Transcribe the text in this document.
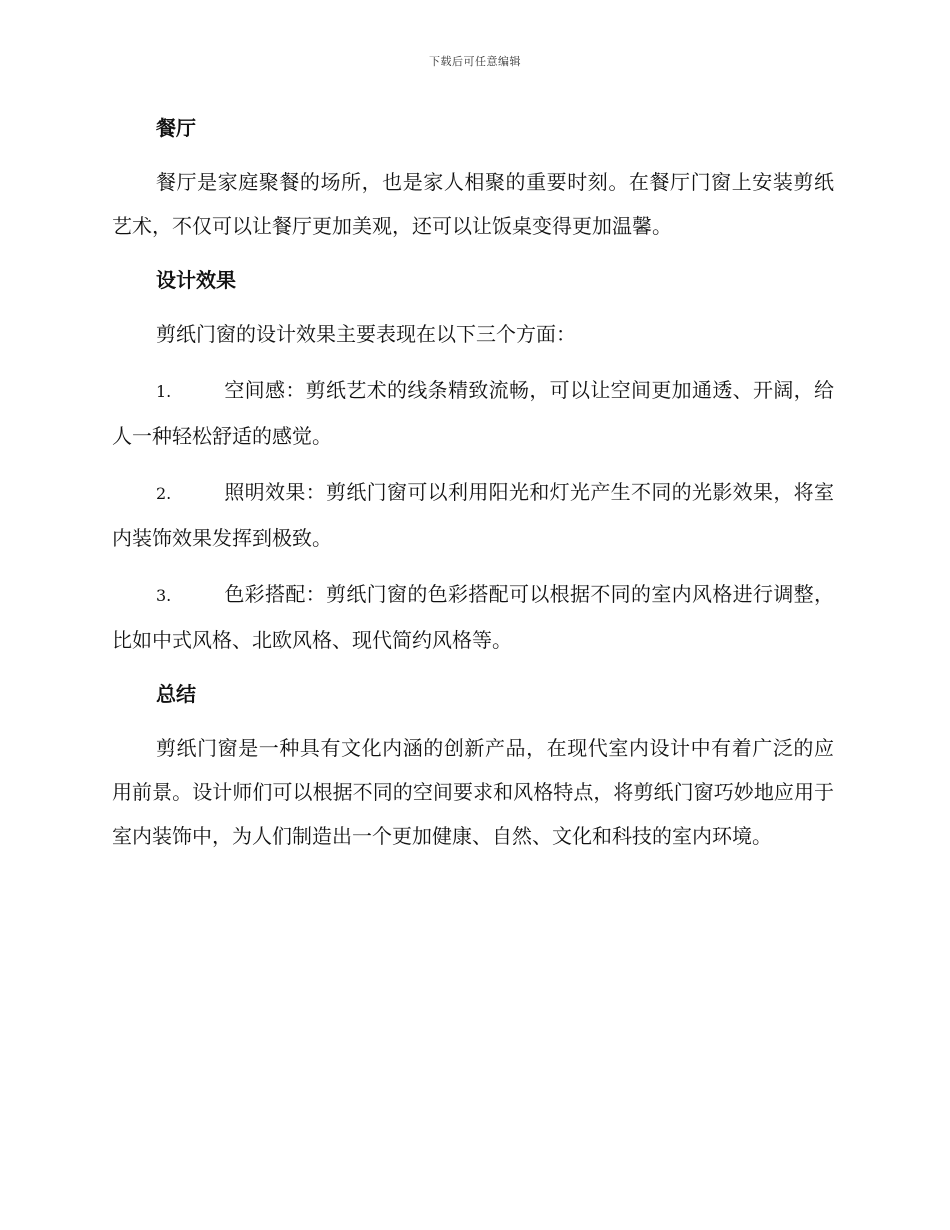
下载后可任意编辑
餐厅

餐厅是家庭聚餐的场所，也是家人相聚的重要时刻。在餐厅门窗上安装剪纸艺术，不仅可以让餐厅更加美观，还可以让饭桌变得更加温馨。

设计效果

剪纸门窗的设计效果主要表现在以下三个方面：

1.	空间感：剪纸艺术的线条精致流畅，可以让空间更加通透、开阔，给人一种轻松舒适的感觉。

2.	照明效果：剪纸门窗可以利用阳光和灯光产生不同的光影效果，将室内装饰效果发挥到极致。

3.	色彩搭配：剪纸门窗的色彩搭配可以根据不同的室内风格进行调整，比如中式风格、北欧风格、现代简约风格等。

总结

剪纸门窗是一种具有文化内涵的创新产品，在现代室内设计中有着广泛的应用前景。设计师们可以根据不同的空间要求和风格特点，将剪纸门窗巧妙地应用于室内装饰中，为人们制造出一个更加健康、自然、文化和科技的室内环境。
